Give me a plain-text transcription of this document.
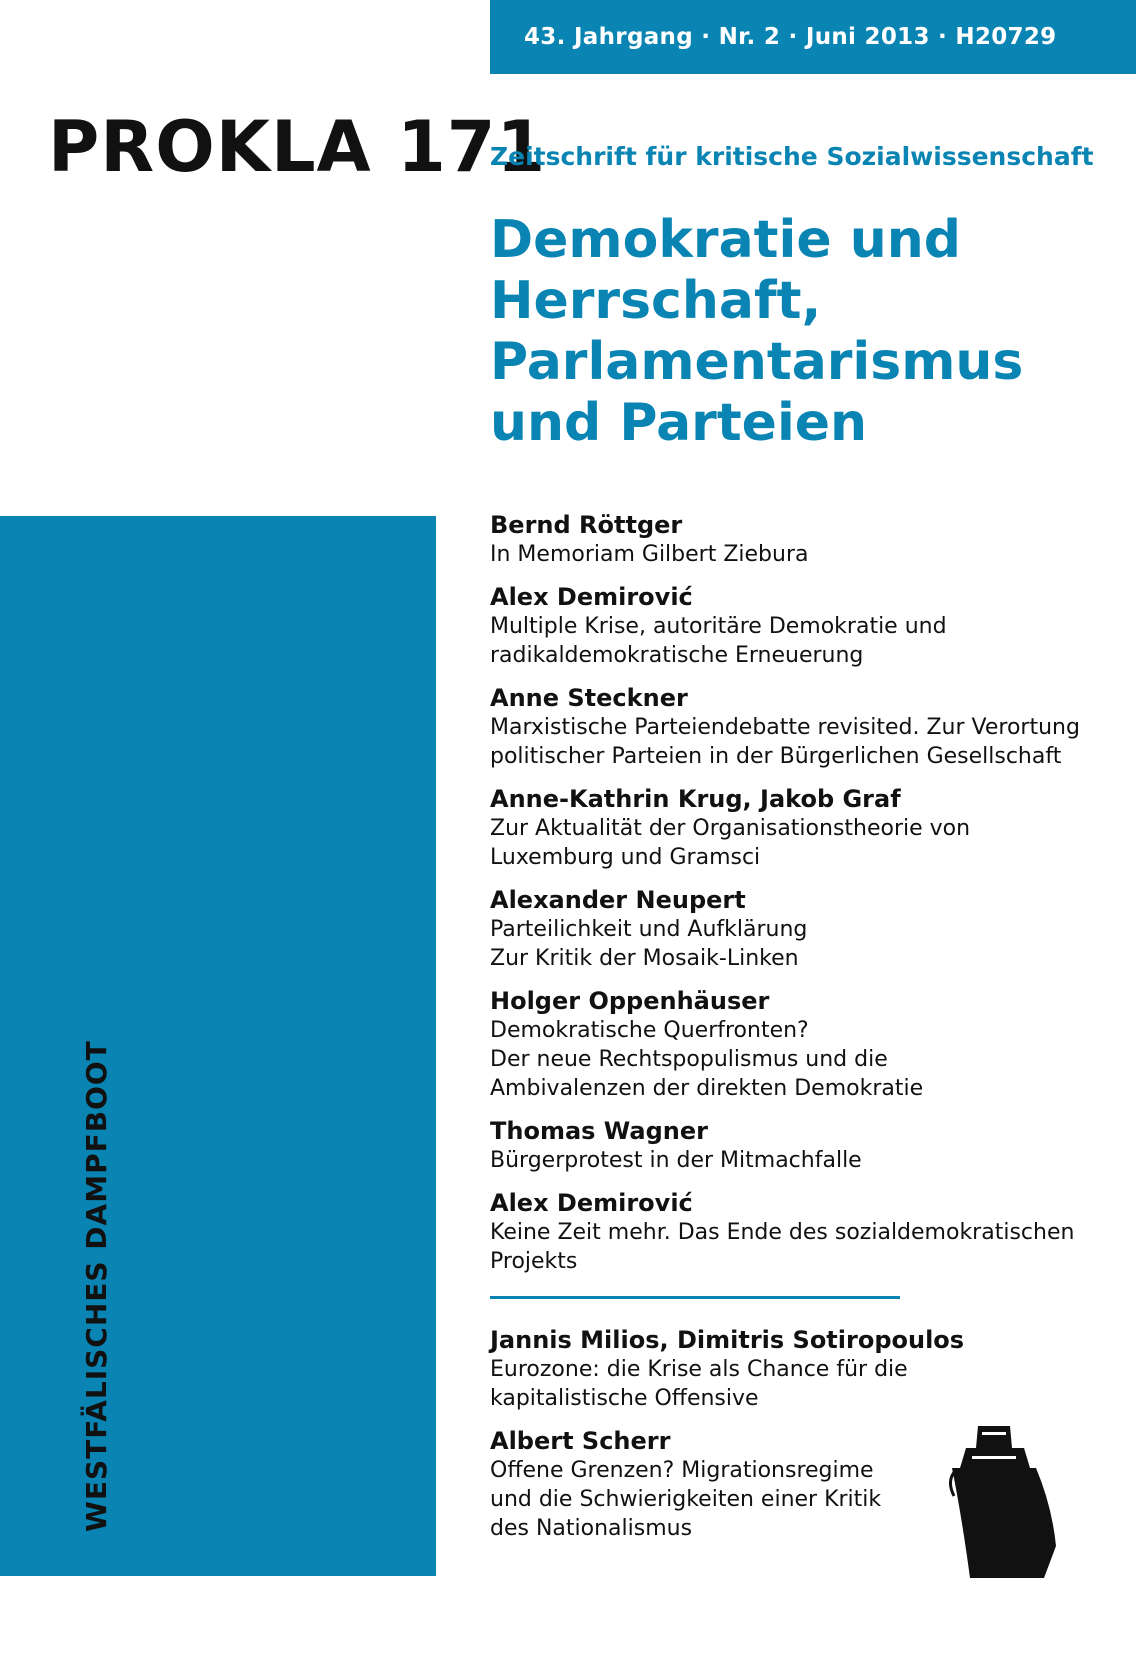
43. Jahrgang · Nr. 2 · Juni 2013 · H20729
PROKLA 171
Zeitschrift für kritische Sozialwissenschaft
Demokratie und
Herrschaft,
Parlamentarismus
und Parteien
WESTFÄLISCHES DAMPFBOOT
Bernd Röttger
In Memoriam Gilbert Ziebura
Alex Demirović
Multiple Krise, autoritäre Demokratie und
radikaldemokratische Erneuerung
Anne Steckner
Marxistische Parteiendebatte revisited. Zur Verortung
politischer Parteien in der Bürgerlichen Gesellschaft
Anne-Kathrin Krug, Jakob Graf
Zur Aktualität der Organisationstheorie von
Luxemburg und Gramsci
Alexander Neupert
Parteilichkeit und Aufklärung
Zur Kritik der Mosaik-Linken
Holger Oppenhäuser
Demokratische Querfronten?
Der neue Rechtspopulismus und die
Ambivalenzen der direkten Demokratie
Thomas Wagner
Bürgerprotest in der Mitmachfalle
Alex Demirović
Keine Zeit mehr. Das Ende des sozialdemokratischen
Projekts
Jannis Milios, Dimitris Sotiropoulos
Eurozone: die Krise als Chance für die
kapitalistische Offensive
Albert Scherr
Offene Grenzen? Migrationsregime
und die Schwierigkeiten einer Kritik
des Nationalismus
